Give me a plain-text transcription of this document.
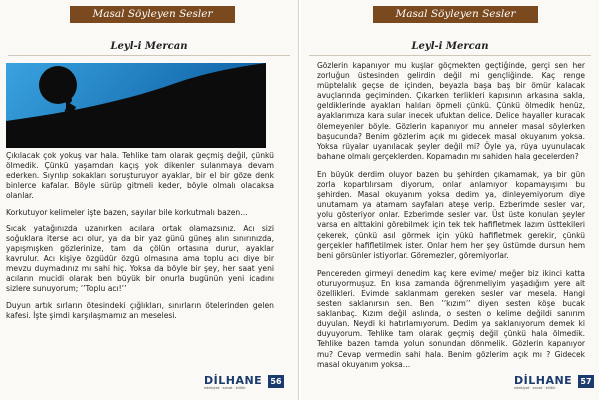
Masal Söyleyen Sesler
Leyl-i Mercan

Çıkılacak çok yokuş var hala. Tehlike tam olarak geçmiş değil, çünkü ölmedik. Çünkü yaşamdan kaçış yok dikenler sulanmaya devam ederken. Sıyrılıp sokakları soruşturuyor ayaklar, bir el bir göze denk binlerce kafalar. Böyle sürüp gitmeli keder, böyle olmalı olacaksa olanlar.

Korkutuyor kelimeler işte bazen, sayılar bile korkutmalı bazen…

Sıcak yatağınızda uzanırken acılara ortak olamazsınız. Acı sizi soğuklara iterse acı olur, ya da bir yaz günü güneş alın sınırınızda, yapışmışken gözlerinize, tam da çölün ortasına durur, ayaklar kavrulur. Acı kişiye özgüdür özgü olmasına ama toplu acı diye bir mevzu duymadınız mı sahi hiç. Yoksa da böyle bir şey, her saat yeni acıların mucidi olarak ben büyük bir onurla bugünün yeni icadını sizlere sunuyorum; ’’Toplu acı!’’

Duyun artık sırların ötesindeki çığlıkları, sınırların ötelerinden gelen kafesi. İşte şimdi karşılaşmamız an meselesi.

DİLHANE
edebiyat · sanat · kültür
56
Masal Söyleyen Sesler
Leyl-i Mercan

Gözlerin kapanıyor mu kuşlar göçmekten geçtiğinde, gerçi sen her zorluğun üstesinden gelirdin değil mi gençliğinde. Kaç renge müptelalık geçse de içinden, beyazla başa baş bir ömür kalacak avuçlarında geçiminden. Çıkarken terlikleri kapısının arkasına sakla, geldiklerinde ayakları halıları öpmeli çünkü. Çünkü ölmedik henüz, ayaklarımıza kara sular inecek ufuktan delice. Delice hayaller kuracak ölemeyenler böyle. Gözlerin kapanıyor mu anneler masal söylerken başucunda? Benim gözlerim açık mı gidecek masal okuyanım yoksa. Yoksa rüyalar uyanılacak şeyler değil mi? Öyle ya, rüya uyunulacak bahane olmalı gerçeklerden. Kopamadın mı sahiden hala gecelerden?

En büyük derdim oluyor bazen bu şehirden çıkamamak, ya bir gün zorla kopartılırsam diyorum, onlar anlamıyor kopamayışımı bu şehirden. Masal okuyanım yoksa dedim ya, dinleyemiyorum diye unutamam ya atamam sayfaları ateşe verip. Ezberimde sesler var, yolu gösteriyor onlar. Ezberimde sesler var. Üst üste konulan şeyler varsa en alttakini görebilmek için tek tek hafifletmek lazım üsttekileri çekerek, çünkü asıl görmek için yükü hafifletmek gerekir, çünkü gerçekler hafifletilmek ister. Onlar hem her şey üstümde dursun hem beni görsünler istiyorlar. Göremezler, göremiyorlar.

Pencereden girmeyi denedim kaç kere evime/ meğer biz ikinci katta oturuyormuşuz. En kısa zamanda öğrenmeliyim yaşadığım yere ait özellikleri. Evimde saklanmam gereken sesler var mesela. Hangi sesten saklanırsın sen. Ben ’’kızım’’ diyen sesten köşe bucak saklanbaç. Kızım değil aslında, o sesten o kelime değildi sanırım duyulan. Neydi ki hatırlamıyorum. Dedim ya saklanıyorum demek ki duyuyorum. Tehlike tam olarak geçmiş değil çünkü hala ölmedik. Tehlike bazen tamda yolun sonundan dönmelik. Gözlerin kapanıyor mu? Cevap vermedin sahi hala. Benim gözlerim açık mı ? Gidecek masal okuyanım yoksa…

DİLHANE
edebiyat · sanat · kültür
57
